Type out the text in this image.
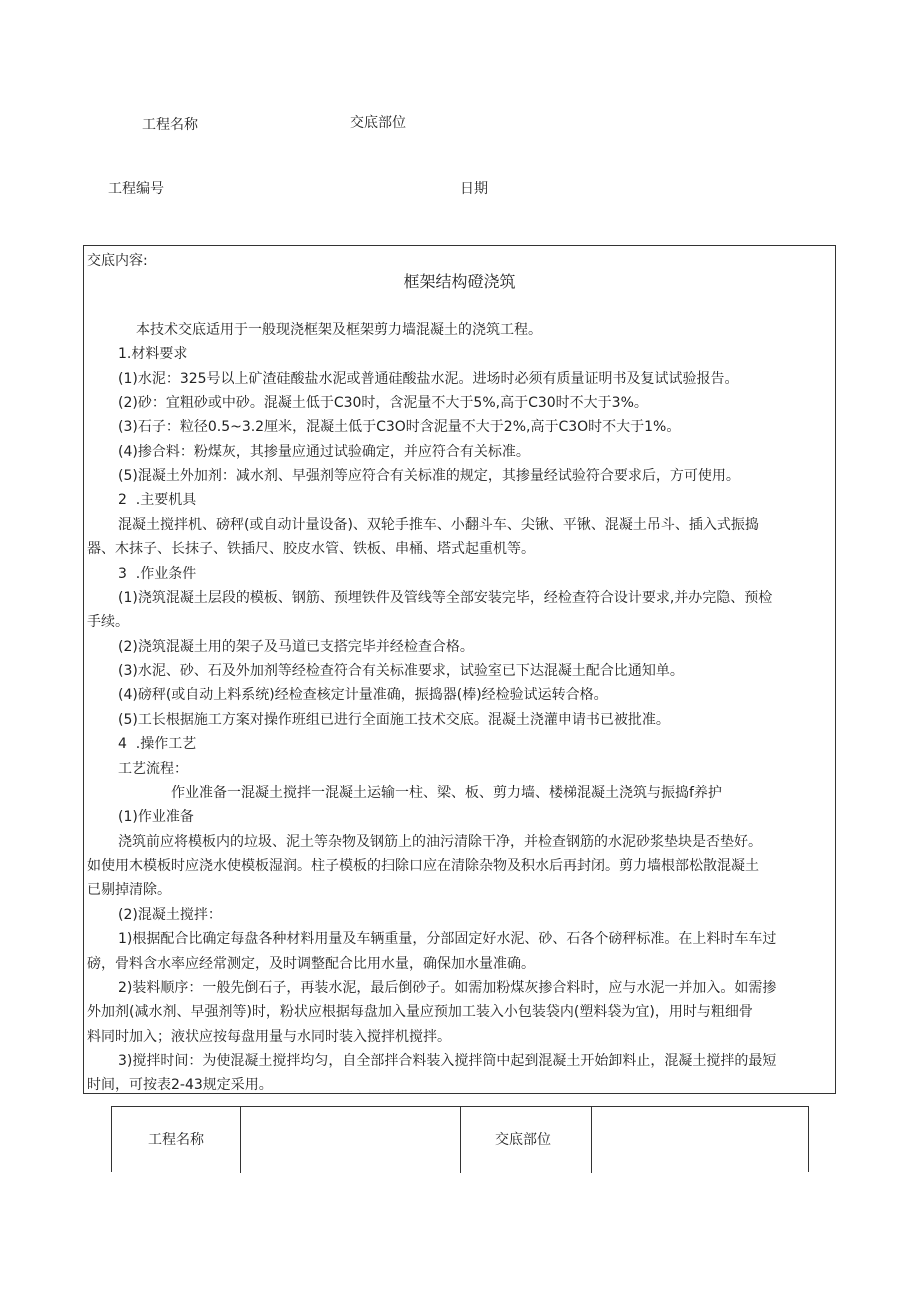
工程名称	交底部位
工程编号	日期
交底内容:
框架结构磴浇筑
本技术交底适用于一般现浇框架及框架剪力墙混凝土的浇筑工程。
1.材料要求
(1)水泥：325号以上矿渣硅酸盐水泥或普通硅酸盐水泥。进场时必须有质量证明书及复试试验报告。
(2)砂：宜粗砂或中砂。混凝土低于C30时，含泥量不大于5%,高于C30时不大于3%。
(3)石子：粒径0.5~3.2厘米，混凝土低于C3O时含泥量不大于2%,高于C3O时不大于1%。
(4)掺合料：粉煤灰，其掺量应通过试验确定，并应符合有关标准。
(5)混凝土外加剂：减水剂、早强剂等应符合有关标准的规定，其掺量经试验符合要求后，方可使用。
2  .主要机具
混凝土搅拌机、磅秤(或自动计量设备)、双轮手推车、小翻斗车、尖锹、平锹、混凝土吊斗、插入式振捣
器、木抹子、长抹子、铁插尺、胶皮水管、铁板、串桶、塔式起重机等。
3  .作业条件
(1)浇筑混凝土层段的模板、钢筋、预埋铁件及管线等全部安装完毕，经检查符合设计要求,并办完隐、预检
手续。
(2)浇筑混凝土用的架子及马道已支搭完毕并经检查合格。
(3)水泥、砂、石及外加剂等经检查符合有关标准要求，试验室已下达混凝土配合比通知单。
(4)磅秤(或自动上料系统)经检查核定计量准确，振捣器(棒)经检验试运转合格。
(5)工长根据施工方案对操作班组已进行全面施工技术交底。混凝土浇灌申请书已被批准。
4  .操作工艺
工艺流程：
作业准备一混凝土搅拌一混凝土运输一柱、梁、板、剪力墙、楼梯混凝土浇筑与振捣f养护
(1)作业准备
浇筑前应将模板内的垃圾、泥土等杂物及钢筋上的油污清除干净，并检查钢筋的水泥砂浆垫块是否垫好。
如使用木模板时应浇水使模板湿润。柱子模板的扫除口应在清除杂物及积水后再封闭。剪力墙根部松散混凝土
已剔掉清除。
(2)混凝土搅拌：
1)根据配合比确定每盘各种材料用量及车辆重量，分部固定好水泥、砂、石各个磅秤标准。在上料时车车过
磅，骨料含水率应经常测定，及时调整配合比用水量，确保加水量准确。
2)装料顺序：一般先倒石子，再装水泥，最后倒砂子。如需加粉煤灰掺合料时，应与水泥一并加入。如需掺
外加剂(减水剂、早强剂等)时，粉状应根据每盘加入量应预加工装入小包装袋内(塑料袋为宜)，用时与粗细骨
料同时加入；液状应按每盘用量与水同时装入搅拌机搅拌。
3)搅拌时间：为使混凝土搅拌均匀，自全部拌合料装入搅拌筒中起到混凝土开始卸料止，混凝土搅拌的最短
时间，可按表2-43规定采用。
工程名称	交底部位
